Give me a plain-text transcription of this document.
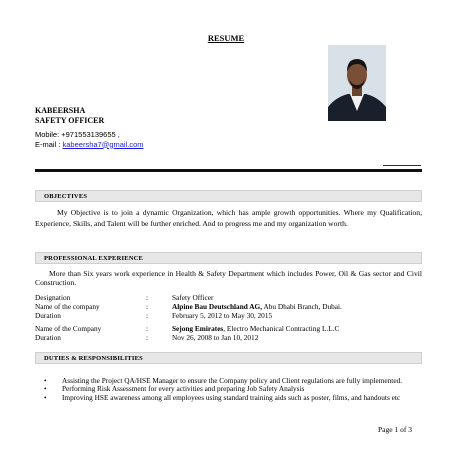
RESUME
KABEERSHA
SAFETY OFFICER
Mobile: +971553139655 ,
E-mail : kabeersha7@gmail.com
OBJECTIVES
My Objective is to join a dynamic Organization, which has ample growth opportunities. Where my Qualification, Experience, Skills, and Talent will be further enriched. And to progress me and my organization worth.
PROFESSIONAL EXPERIENCE
More than Six years work experience in Health & Safety Department which includes Power, Oil & Gas sector and Civil Construction.
Designation	:	Safety Officer
Name of the company	:	Alpine Bau Deutschland AG, Abu Dhabi Branch, Dubai.
Duration	:	February 5, 2012 to May 30, 2015
Name of the Company	:	Sejong Emirates, Electro Mechanical Contracting L.L.C
Duration	:	Nov 26, 2008 to Jan 10, 2012
DUTIES & RESPONSIBILITIES
• Assisting the Project QA/HSE Manager to ensure the Company policy and Client regulations are fully implemented.
• Performing Risk Assessment for every activities and preparing Job Safety Analysis
• Improving HSE awareness among all employees using standard training aids such as poster, films, and handouts etc
Page 1 of 3
